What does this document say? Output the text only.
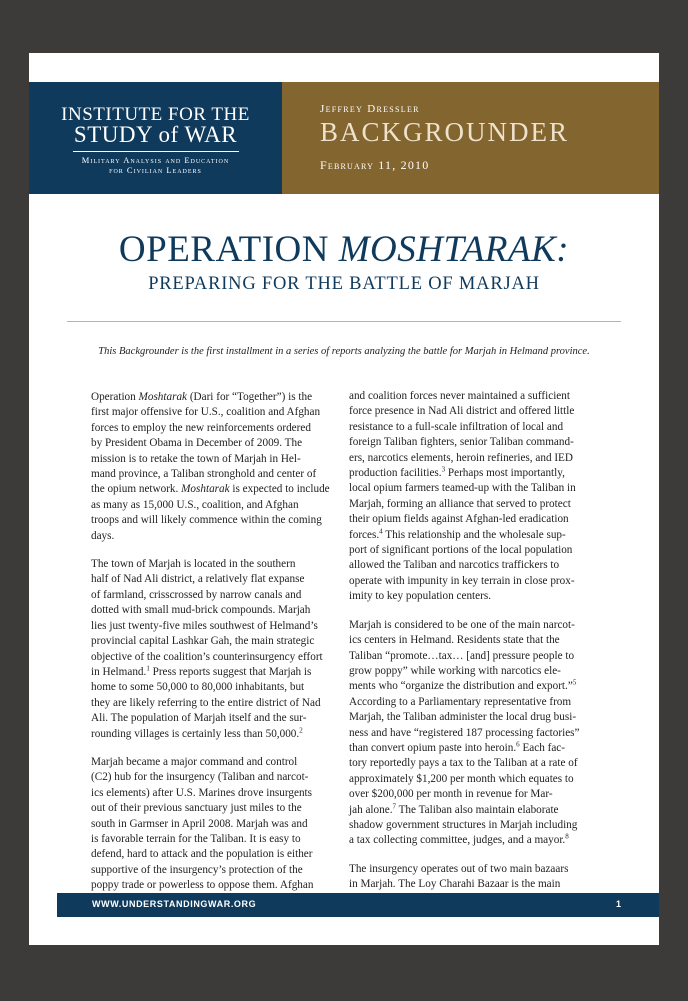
INSTITUTE FOR THE
STUDY of WAR
Military Analysis and Education
for Civilian Leaders
Jeffrey Dressler
BACKGROUNDER
February 11, 2010
OPERATION MOSHTARAK:
PREPARING FOR THE BATTLE OF MARJAH
This Backgrounder is the first installment in a series of reports analyzing the battle for Marjah in Helmand province.

Operation Moshtarak (Dari for “Together”) is the
first major offensive for U.S., coalition and Afghan
forces to employ the new reinforcements ordered
by President Obama in December of 2009. The
mission is to retake the town of Marjah in Hel-
mand province, a Taliban stronghold and center of
the opium network. Moshtarak is expected to include
as many as 15,000 U.S., coalition, and Afghan
troops and will likely commence within the coming
days.

The town of Marjah is located in the southern
half of Nad Ali district, a relatively flat expanse
of farmland, crisscrossed by narrow canals and
dotted with small mud-brick compounds. Marjah
lies just twenty-five miles southwest of Helmand’s
provincial capital Lashkar Gah, the main strategic
objective of the coalition’s counterinsurgency effort
in Helmand.$^1$ Press reports suggest that Marjah is
home to some 50,000 to 80,000 inhabitants, but
they are likely referring to the entire district of Nad
Ali. The population of Marjah itself and the sur-
rounding villages is certainly less than 50,000.$^2$

Marjah became a major command and control
(C2) hub for the insurgency (Taliban and narcot-
ics elements) after U.S. Marines drove insurgents
out of their previous sanctuary just miles to the
south in Garmser in April 2008. Marjah was and
is favorable terrain for the Taliban. It is easy to
defend, hard to attack and the population is either
supportive of the insurgency’s protection of the
poppy trade or powerless to oppose them. Afghan

and coalition forces never maintained a sufficient
force presence in Nad Ali district and offered little
resistance to a full-scale infiltration of local and
foreign Taliban fighters, senior Taliban command-
ers, narcotics elements, heroin refineries, and IED
production facilities.$^3$ Perhaps most importantly,
local opium farmers teamed-up with the Taliban in
Marjah, forming an alliance that served to protect
their opium fields against Afghan-led eradication
forces.$^4$ This relationship and the wholesale sup-
port of significant portions of the local population
allowed the Taliban and narcotics traffickers to
operate with impunity in key terrain in close prox-
imity to key population centers.

Marjah is considered to be one of the main narcot-
ics centers in Helmand. Residents state that the
Taliban “promote…tax… [and] pressure people to
grow poppy” while working with narcotics ele-
ments who “organize the distribution and export.”$^5$
According to a Parliamentary representative from
Marjah, the Taliban administer the local drug busi-
ness and have “registered 187 processing factories”
than convert opium paste into heroin.$^6$ Each fac-
tory reportedly pays a tax to the Taliban at a rate of
approximately $1,200 per month which equates to
over $200,000 per month in revenue for Mar-
jah alone.$^7$ The Taliban also maintain elaborate
shadow government structures in Marjah including
a tax collecting committee, judges, and a mayor.$^8$

The insurgency operates out of two main bazaars
in Marjah. The Loy Charahi Bazaar is the main

WWW.UNDERSTANDINGWAR.ORG	1
